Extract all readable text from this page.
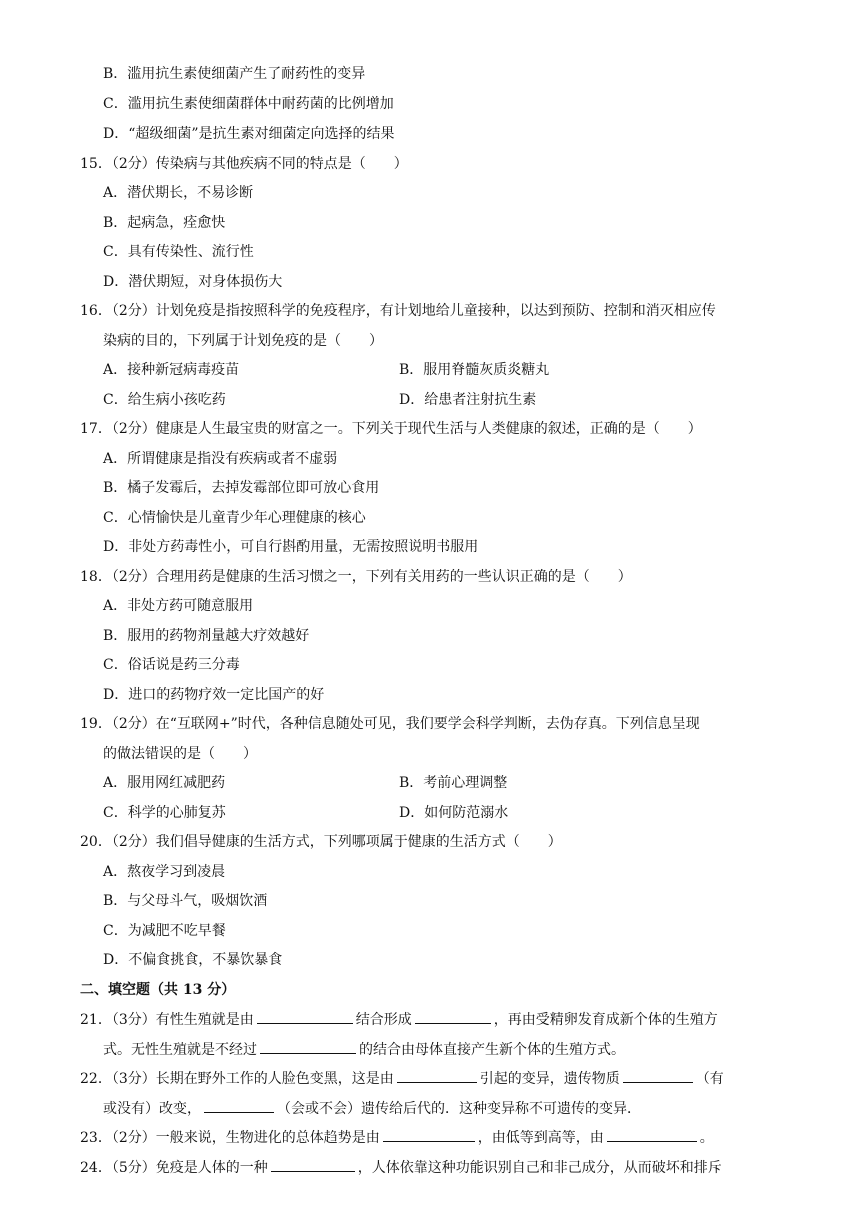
B．滥用抗生素使细菌产生了耐药性的变异
C．滥用抗生素使细菌群体中耐药菌的比例增加
D．“超级细菌”是抗生素对细菌定向选择的结果
15．（2分）传染病与其他疾病不同的特点是（　　）
A．潜伏期长，不易诊断
B．起病急，痊愈快
C．具有传染性、流行性
D．潜伏期短，对身体损伤大
16．（2分）计划免疫是指按照科学的免疫程序，有计划地给儿童接种，以达到预防、控制和消灭相应传
染病的目的，下列属于计划免疫的是（　　）
A．接种新冠病毒疫苗	B．服用脊髓灰质炎糖丸
C．给生病小孩吃药	D．给患者注射抗生素
17．（2分）健康是人生最宝贵的财富之一。下列关于现代生活与人类健康的叙述，正确的是（　　）
A．所谓健康是指没有疾病或者不虚弱
B．橘子发霉后，去掉发霉部位即可放心食用
C．心情愉快是儿童青少年心理健康的核心
D．非处方药毒性小，可自行斟酌用量，无需按照说明书服用
18．（2分）合理用药是健康的生活习惯之一，下列有关用药的一些认识正确的是（　　）
A．非处方药可随意服用
B．服用的药物剂量越大疗效越好
C．俗话说是药三分毒
D．进口的药物疗效一定比国产的好
19．（2分）在“互联网+”时代，各种信息随处可见，我们要学会科学判断，去伪存真。下列信息呈现
的做法错误的是（　　）
A．服用网红减肥药	B．考前心理调整
C．科学的心肺复苏	D．如何防范溺水
20．（2分）我们倡导健康的生活方式，下列哪项属于健康的生活方式（　　）
A．熬夜学习到凌晨
B．与父母斗气，吸烟饮酒
C．为减肥不吃早餐
D．不偏食挑食，不暴饮暴食
二、填空题（共 13 分）
21．（3分）有性生殖就是由	结合形成	，再由受精卵发育成新个体的生殖方
式。无性生殖就是不经过	的结合由母体直接产生新个体的生殖方式。
22．（3分）长期在野外工作的人脸色变黑，这是由	引起的变异，遗传物质	（有
或没有）改变，	（会或不会）遗传给后代的．这种变异称不可遗传的变异．
23．（2分）一般来说，生物进化的总体趋势是由	，由低等到高等，由	。
24．（5分）免疫是人体的一种	，人体依靠这种功能识别自己和非己成分，从而破坏和排斥
